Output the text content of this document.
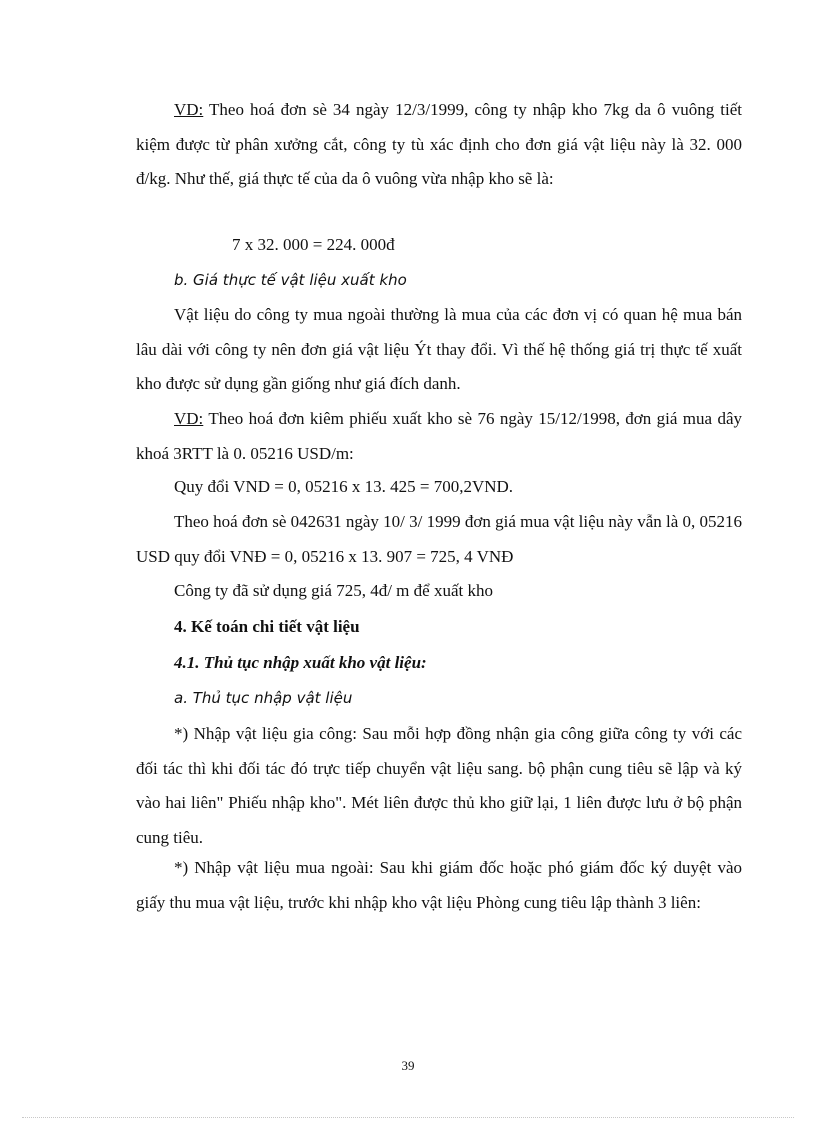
VD: Theo hoá đơn sè 34 ngày 12/3/1999, công ty nhập kho 7kg da ô vuông tiết kiệm được từ phân xưởng cắt, công ty tù xác định cho đơn giá vật liệu này là 32. 000 đ/kg. Như thế, giá thực tế của da ô vuông vừa nhập kho sẽ là:

7 x 32. 000 = 224. 000đ

b. Giá thực tế vật liệu xuất kho

Vật liệu do công ty mua ngoài thường là mua của các đơn vị có quan hệ mua bán lâu dài với công ty nên đơn giá vật liệu Ýt thay đổi. Vì thế hệ thống giá trị thực tế xuất kho được sử dụng gần giống như giá đích danh.

VD: Theo hoá đơn kiêm phiếu xuất kho sè 76 ngày 15/12/1998, đơn giá mua dây khoá 3RTT là 0. 05216 USD/m:

Quy đổi VND = 0, 05216 x 13. 425 = 700,2VND.

Theo hoá đơn sè 042631 ngày 10/ 3/ 1999 đơn giá mua vật liệu này vẫn là 0, 05216 USD quy đổi VNĐ = 0, 05216 x 13. 907 = 725, 4 VNĐ

Công ty đã sử dụng giá 725, 4đ/ m để xuất kho

4. Kế toán chi tiết vật liệu

4.1. Thủ tục nhập xuất kho vật liệu:

a. Thủ tục nhập vật liệu

*) Nhập vật liệu gia công: Sau mỗi hợp đồng nhận gia công giữa công ty với các đối tác thì khi đối tác đó trực tiếp chuyển vật liệu sang. bộ phận cung tiêu sẽ lập và ký vào hai liên" Phiếu nhập kho". Mét liên được thủ kho giữ lại, 1 liên được lưu ở bộ phận cung tiêu.

*) Nhập vật liệu mua ngoài: Sau khi giám đốc hoặc phó giám đốc ký duyệt vào giấy thu mua vật liệu, trước khi nhập kho vật liệu Phòng cung tiêu lập thành 3 liên:

39
